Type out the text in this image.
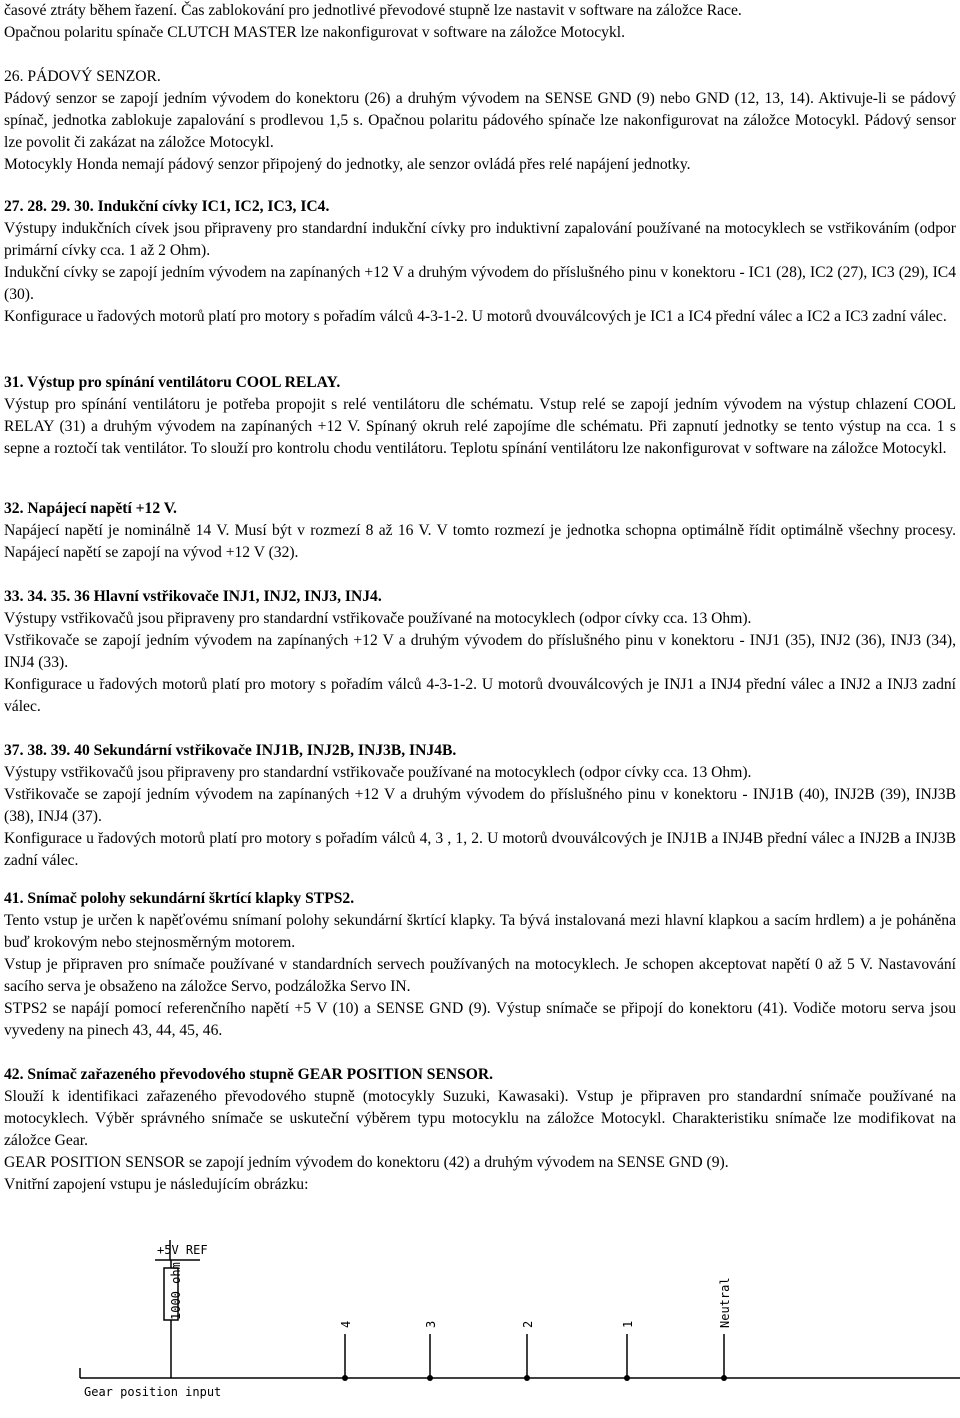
časové ztráty během řazení. Čas zablokování pro jednotlivé převodové stupně lze nastavit v software na záložce Race.
Opačnou polaritu spínače CLUTCH MASTER lze nakonfigurovat v software na záložce Motocykl.

26. PÁDOVÝ SENZOR.
Pádový senzor se zapojí jedním vývodem do konektoru (26) a druhým vývodem na SENSE GND (9) nebo GND (12, 13, 14). Aktivuje-li se pádový spínač, jednotka zablokuje zapalování s prodlevou 1,5 s. Opačnou polaritu pádového spínače lze nakonfigurovat na záložce Motocykl. Pádový sensor lze povolit či zakázat na záložce Motocykl.
Motocykly Honda nemají pádový senzor připojený do jednotky, ale senzor ovládá přes relé napájení jednotky.

27. 28. 29. 30. Indukční cívky IC1, IC2, IC3, IC4.
Výstupy indukčních cívek jsou připraveny pro standardní indukční cívky pro induktivní zapalování používané na motocyklech se vstřikováním (odpor primární cívky cca. 1 až 2 Ohm).
Indukční cívky se zapojí jedním vývodem na zapínaných +12 V a druhým vývodem do příslušného pinu v konektoru - IC1 (28), IC2 (27), IC3 (29), IC4 (30).
Konfigurace u řadových motorů platí pro motory s pořadím válců 4-3-1-2. U motorů dvouválcových je IC1 a IC4 přední válec a IC2 a IC3 zadní válec.

31. Výstup pro spínání ventilátoru COOL RELAY.
Výstup pro spínání ventilátoru je potřeba propojit s relé ventilátoru dle schématu. Vstup relé se zapojí jedním vývodem na výstup chlazení COOL RELAY (31) a druhým vývodem na zapínaných +12 V. Spínaný okruh relé zapojíme dle schématu. Při zapnutí jednotky se tento výstup na cca. 1 s sepne a roztočí tak ventilátor. To slouží pro kontrolu chodu ventilátoru. Teplotu spínání ventilátoru lze nakonfigurovat v software na záložce Motocykl.

32. Napájecí napětí +12 V.
Napájecí napětí je nominálně 14 V. Musí být v rozmezí 8 až 16 V. V tomto rozmezí je jednotka schopna optimálně řídit optimálně všechny procesy. Napájecí napětí se zapojí na vývod +12 V (32).

33. 34. 35. 36 Hlavní vstřikovače INJ1, INJ2, INJ3, INJ4.
Výstupy vstřikovačů jsou připraveny pro standardní vstřikovače používané na motocyklech (odpor cívky cca. 13 Ohm).
Vstřikovače se zapojí jedním vývodem na zapínaných +12 V a druhým vývodem do příslušného pinu v konektoru - INJ1 (35), INJ2 (36), INJ3 (34), INJ4 (33).
Konfigurace u řadových motorů platí pro motory s pořadím válců 4-3-1-2. U motorů dvouválcových je INJ1 a INJ4 přední válec a INJ2 a INJ3 zadní válec.

37. 38. 39. 40 Sekundární vstřikovače INJ1B, INJ2B, INJ3B, INJ4B.
Výstupy vstřikovačů jsou připraveny pro standardní vstřikovače používané na motocyklech (odpor cívky cca. 13 Ohm).
Vstřikovače se zapojí jedním vývodem na zapínaných +12 V a druhým vývodem do příslušného pinu v konektoru - INJ1B (40), INJ2B (39), INJ3B (38), INJ4 (37).
Konfigurace u řadových motorů platí pro motory s pořadím válců 4, 3 , 1, 2. U motorů dvouválcových je INJ1B a INJ4B přední válec a INJ2B a INJ3B zadní válec.

41. Snímač polohy sekundární škrtící klapky STPS2.
Tento vstup je určen k napěťovému snímaní polohy sekundární škrtící klapky. Ta bývá instalovaná mezi hlavní klapkou a sacím hrdlem) a je poháněna buď krokovým nebo stejnosměrným motorem.
Vstup je připraven pro snímače používané v standardních servech používaných na motocyklech. Je schopen akceptovat napětí 0 až 5 V. Nastavování sacího serva je obsaženo na záložce Servo, podzáložka Servo IN.
STPS2 se napájí pomocí referenčního napětí +5 V (10) a SENSE GND (9). Výstup snímače se připojí do konektoru (41). Vodiče motoru serva jsou vyvedeny na pinech 43, 44, 45, 46.

42. Snímač zařazeného převodového stupně GEAR POSITION SENSOR.
Slouží k identifikaci zařazeného převodového stupně (motocykly Suzuki, Kawasaki). Vstup je připraven pro standardní snímače používané na motocyklech. Výběr správného snímače se uskuteční výběrem typu motocyklu na záložce Motocykl. Charakteristiku snímače lze modifikovat na záložce Gear.
GEAR POSITION SENSOR se zapojí jedním vývodem do konektoru (42) a druhým vývodem na SENSE GND (9).
Vnitřní zapojení vstupu je následujícím obrázku:

+5V REF
1000 ohm
Gear position input
4	3	2	1	Neutral
